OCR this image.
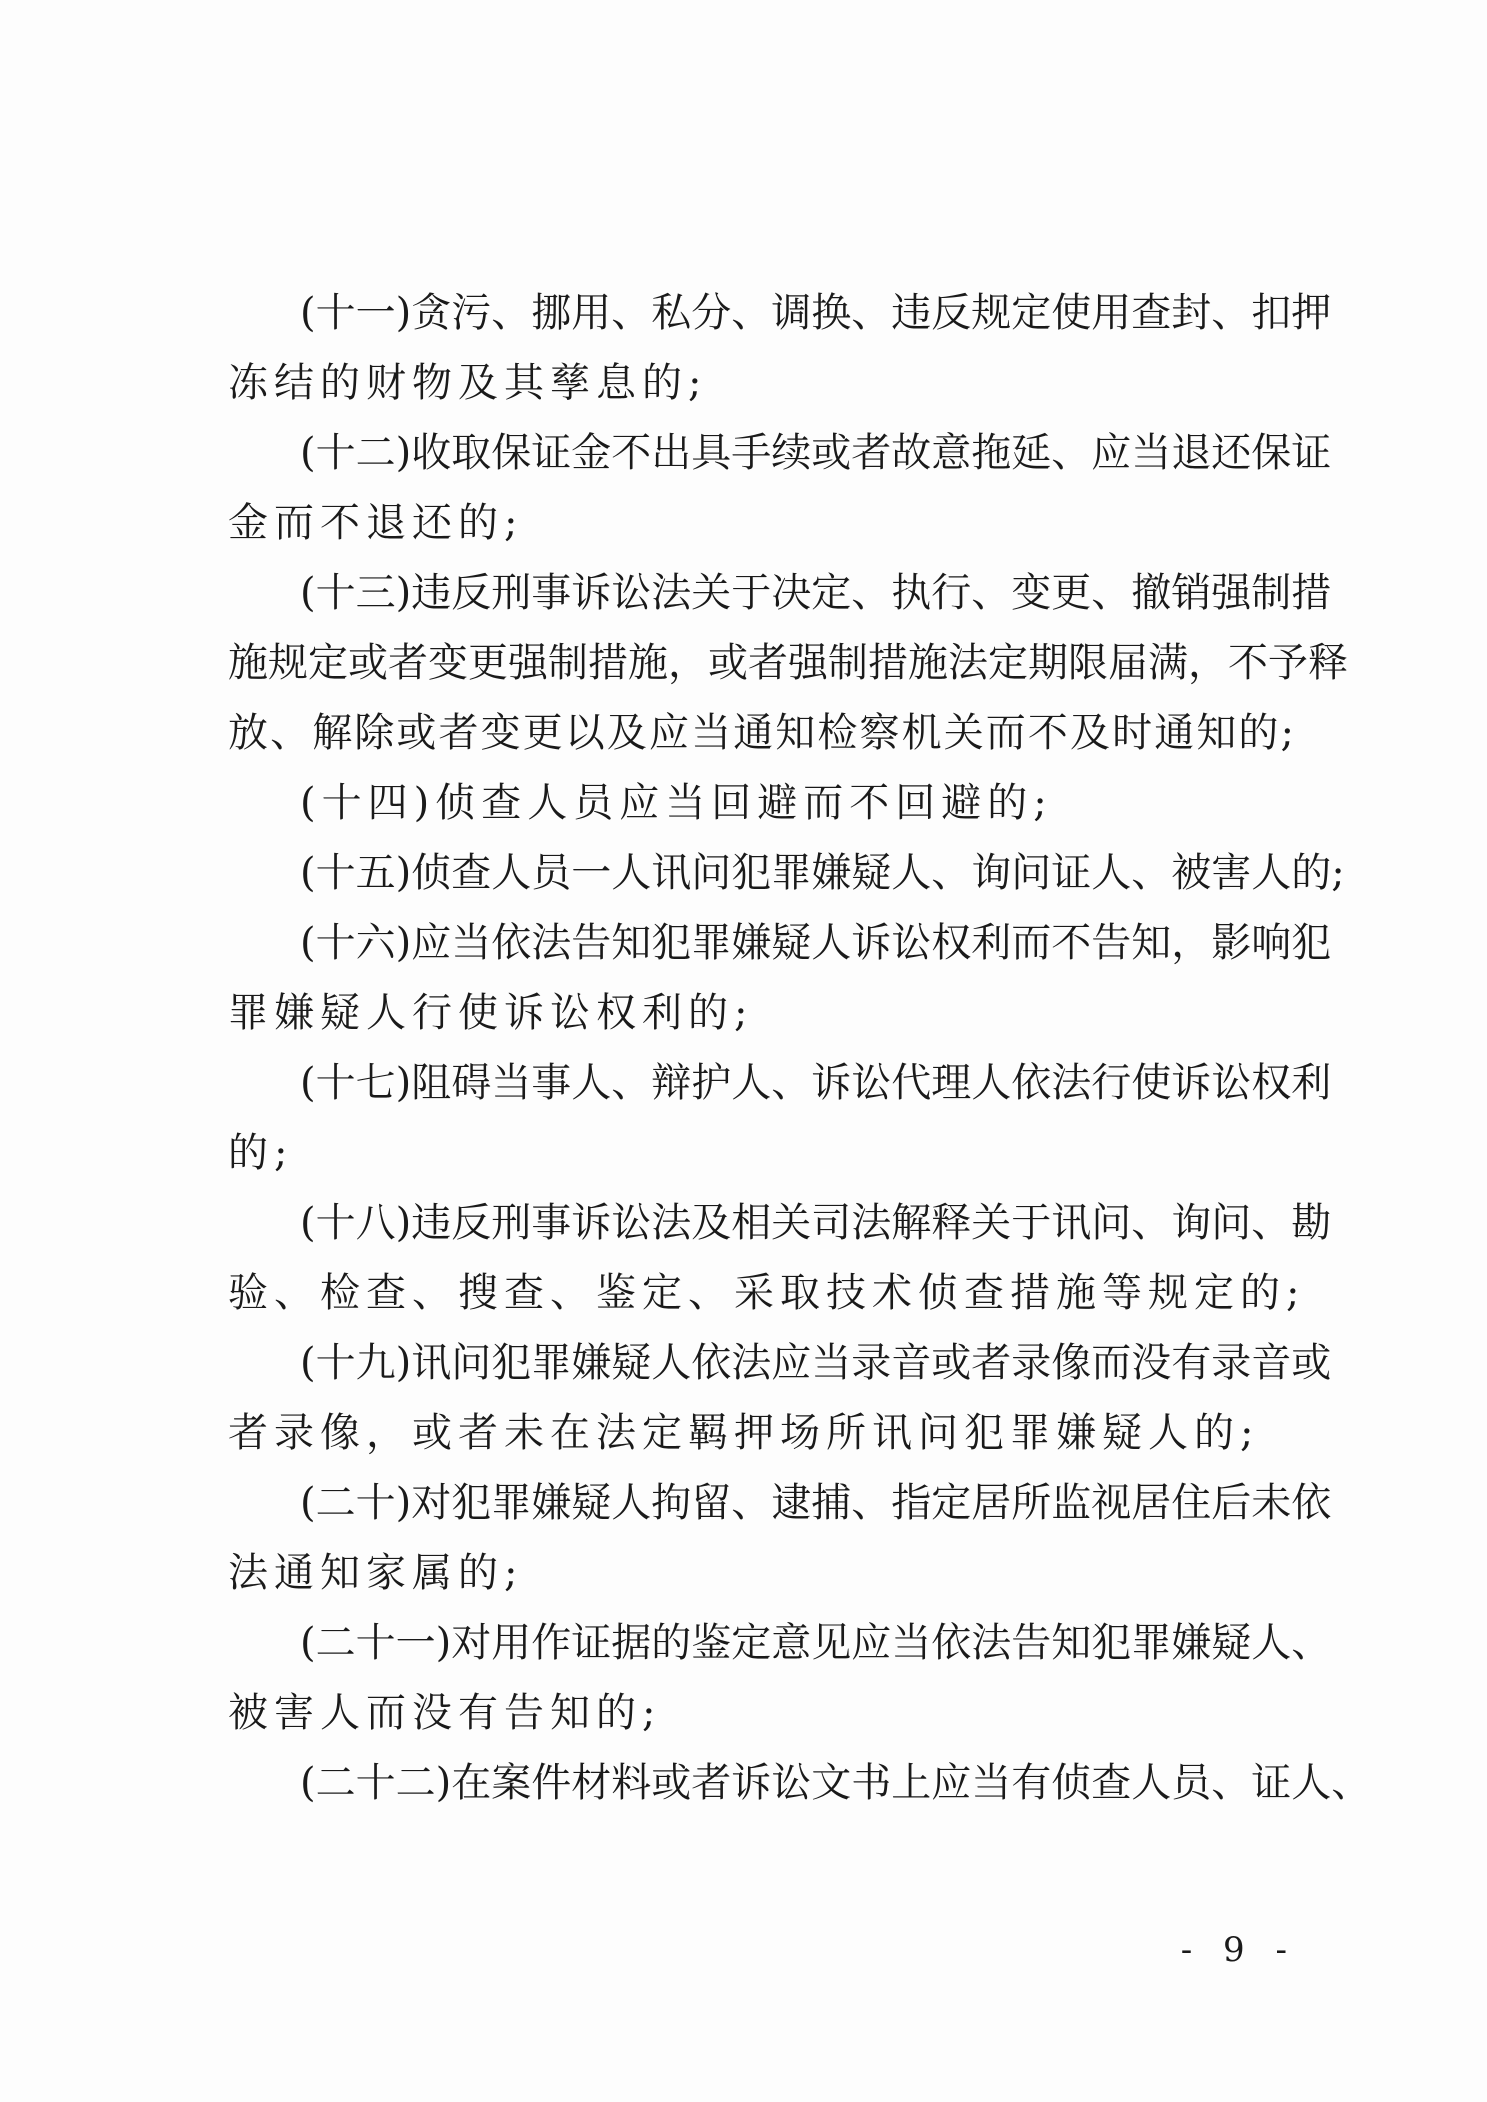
(十一)贪污、挪用、私分、调换、违反规定使用查封、扣押
冻结的财物及其孳息的;
(十二)收取保证金不出具手续或者故意拖延、应当退还保证
金而不退还的;
(十三)违反刑事诉讼法关于决定、执行、变更、撤销强制措
施规定或者变更强制措施，或者强制措施法定期限届满，不予释
放、解除或者变更以及应当通知检察机关而不及时通知的;
(十四)侦查人员应当回避而不回避的;
(十五)侦查人员一人讯问犯罪嫌疑人、询问证人、被害人的;
(十六)应当依法告知犯罪嫌疑人诉讼权利而不告知，影响犯
罪嫌疑人行使诉讼权利的;
(十七)阻碍当事人、辩护人、诉讼代理人依法行使诉讼权利
的;
(十八)违反刑事诉讼法及相关司法解释关于讯问、询问、勘
验、检查、搜查、鉴定、采取技术侦查措施等规定的;
(十九)讯问犯罪嫌疑人依法应当录音或者录像而没有录音或
者录像，或者未在法定羁押场所讯问犯罪嫌疑人的;
(二十)对犯罪嫌疑人拘留、逮捕、指定居所监视居住后未依
法通知家属的;
(二十一)对用作证据的鉴定意见应当依法告知犯罪嫌疑人、
被害人而没有告知的;
(二十二)在案件材料或者诉讼文书上应当有侦查人员、证人、
- 9 -
